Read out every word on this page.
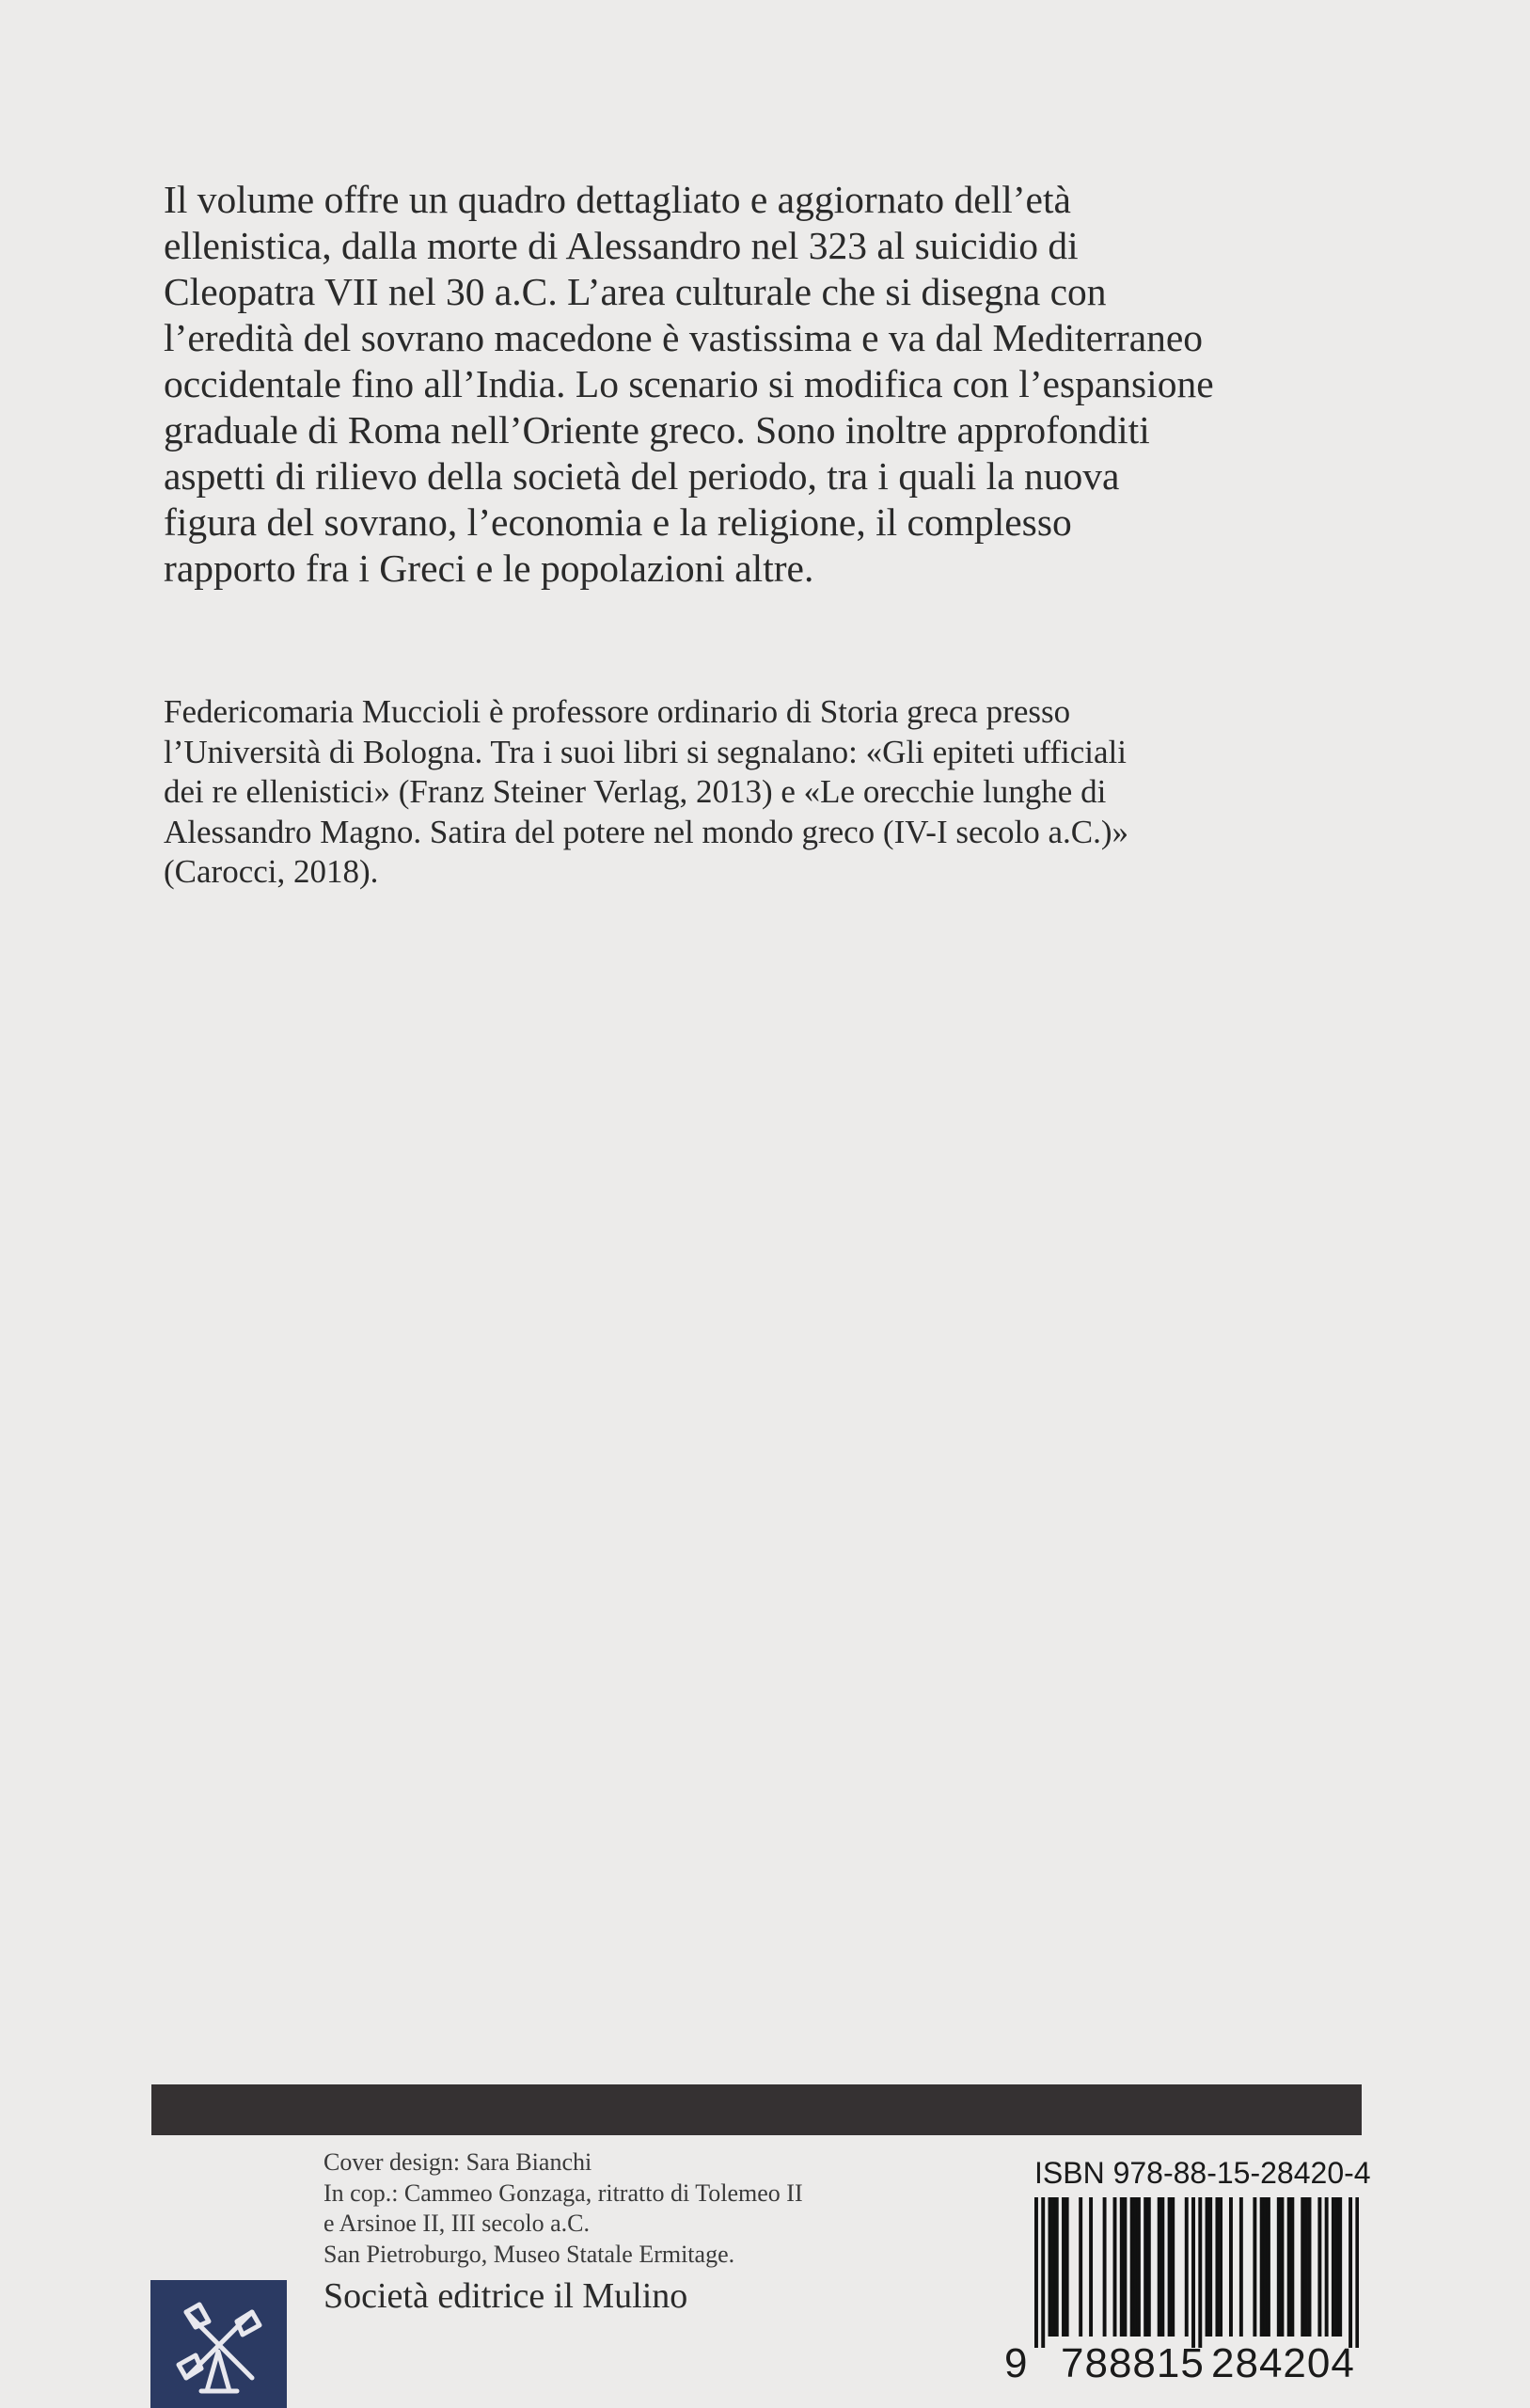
Il volume offre un quadro dettagliato e aggiornato dell’età

ellenistica, dalla morte di Alessandro nel 323 al suicidio di

Cleopatra VII nel 30 a.C. L’area culturale che si disegna con

l’eredità del sovrano macedone è vastissima e va dal Mediterraneo

occidentale fino all’India. Lo scenario si modifica con l’espansione

graduale di Roma nell’Oriente greco. Sono inoltre approfonditi

aspetti di rilievo della società del periodo, tra i quali la nuova

figura del sovrano, l’economia e la religione, il complesso

rapporto fra i Greci e le popolazioni altre.

Federicomaria Muccioli è professore ordinario di Storia greca presso

l’Università di Bologna. Tra i suoi libri si segnalano: «Gli epiteti ufficiali

dei re ellenistici» (Franz Steiner Verlag, 2013) e «Le orecchie lunghe di

Alessandro Magno. Satira del potere nel mondo greco (IV-I secolo a.C.)»

(Carocci, 2018).

Cover design: Sara Bianchi

In cop.: Cammeo Gonzaga, ritratto di Tolemeo II

e Arsinoe II, III secolo a.C.

San Pietroburgo, Museo Statale Ermitage.

Società editrice il Mulino
ISBN 978-88-15-28420-4
9 788815 284204
